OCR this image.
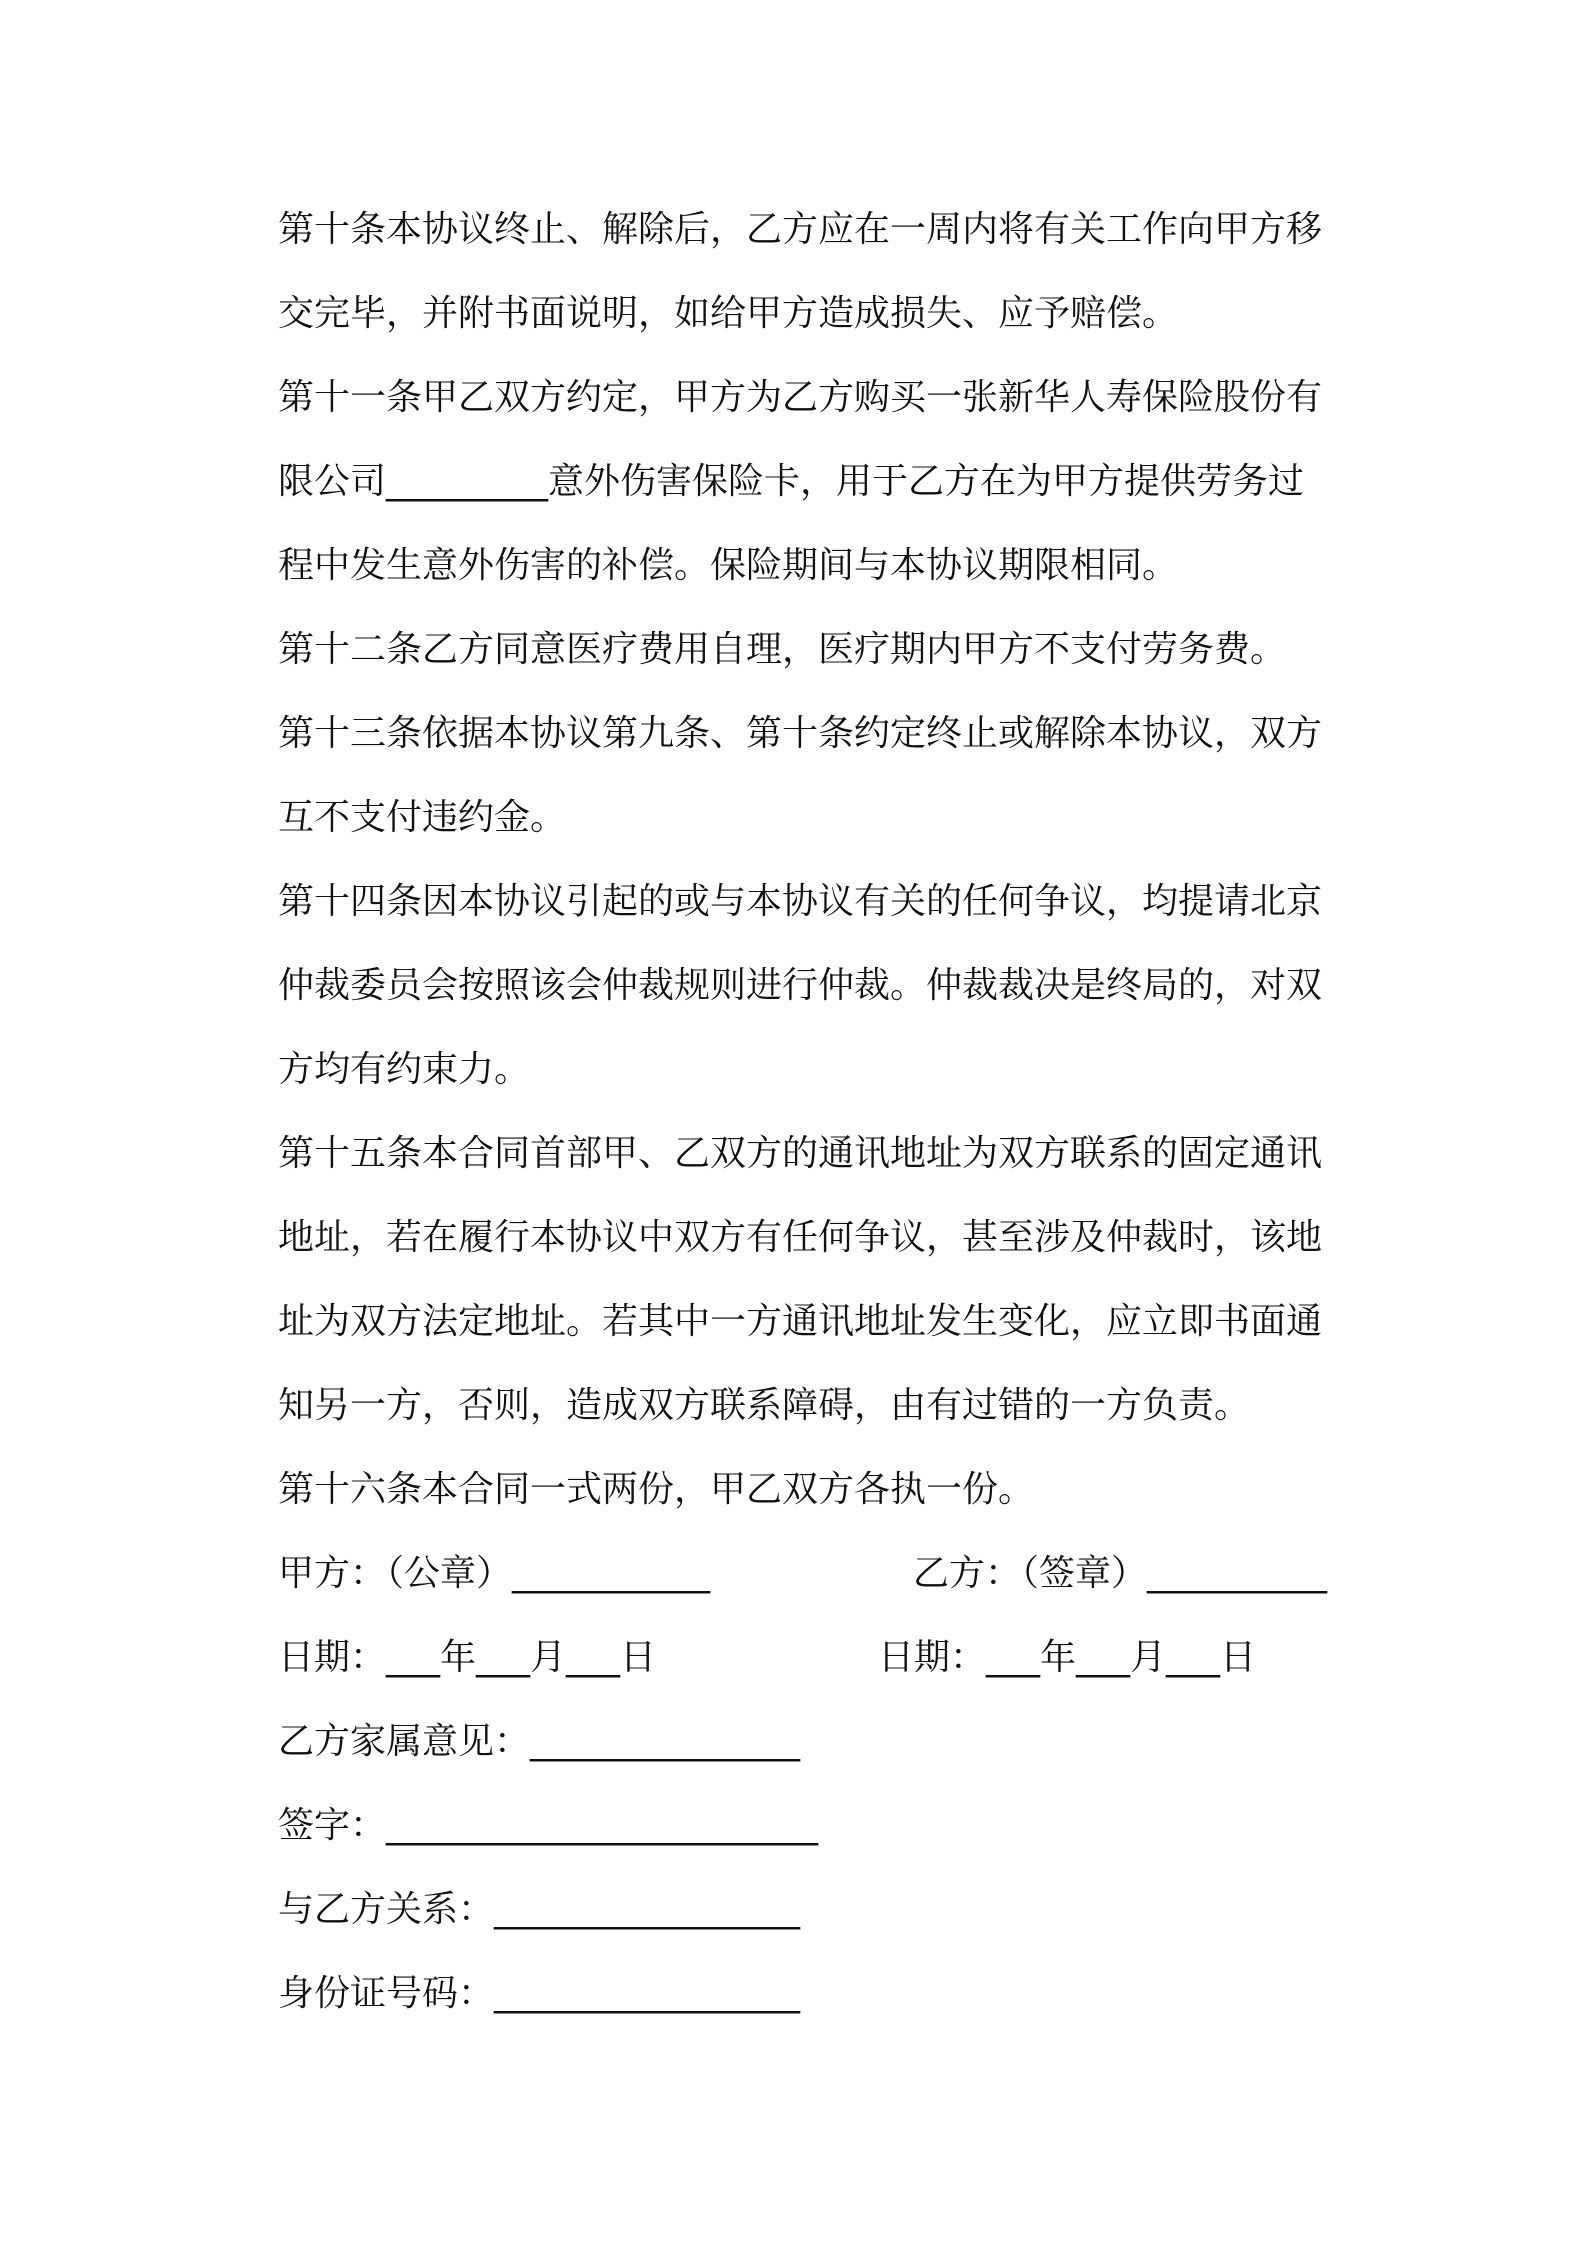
第十条本协议终止、解除后，乙方应在一周内将有关工作向甲方移
交完毕，并附书面说明，如给甲方造成损失、应予赔偿。
第十一条甲乙双方约定，甲方为乙方购买一张新华人寿保险股份有
限公司_________意外伤害保险卡，用于乙方在为甲方提供劳务过
程中发生意外伤害的补偿。保险期间与本协议期限相同。
第十二条乙方同意医疗费用自理，医疗期内甲方不支付劳务费。
第十三条依据本协议第九条、第十条约定终止或解除本协议，双方
互不支付违约金。
第十四条因本协议引起的或与本协议有关的任何争议，均提请北京
仲裁委员会按照该会仲裁规则进行仲裁。仲裁裁决是终局的，对双
方均有约束力。
第十五条本合同首部甲、乙双方的通讯地址为双方联系的固定通讯
地址，若在履行本协议中双方有任何争议，甚至涉及仲裁时，该地
址为双方法定地址。若其中一方通讯地址发生变化，应立即书面通
知另一方，否则，造成双方联系障碍，由有过错的一方负责。
第十六条本合同一式两份，甲乙双方各执一份。
甲方：（公章）___________	乙方：（签章）__________
日期：___年___月___日	日期：___年___月___日
乙方家属意见：_______________
签字：________________________
与乙方关系：_________________
身份证号码：_________________
